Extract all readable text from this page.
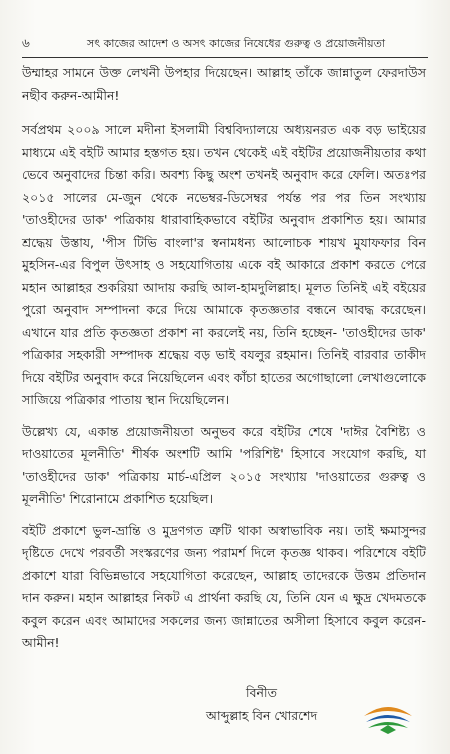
৬	সৎ কাজের আদেশ ও অসৎ কাজের নিষেধের গুরুত্ব ও প্রয়োজনীয়তা

উম্মাহর সামনে উক্ত লেখনী উপহার দিয়েছেন। আল্লাহ তাঁকে জান্নাতুল ফেরদাউস নছীব করুন-আমীন!

সর্বপ্রথম ২০০৯ সালে মদীনা ইসলামী বিশ্ববিদ্যালয়ে অধ্যয়নরত এক বড় ভাইয়ের মাধ্যমে এই বইটি আমার হস্তগত হয়। তখন থেকেই এই বইটির প্রয়োজনীয়তার কথা ভেবে অনুবাদের চিন্তা করি। অবশ্য কিছু অংশ তখনই অনুবাদ করে ফেলি। অতঃপর ২০১৫ সালের মে-জুন থেকে নভেম্বর-ডিসেম্বর পর্যন্ত পর পর তিন সংখ্যায় 'তাওহীদের ডাক' পত্রিকায় ধারাবাহিকভাবে বইটির অনুবাদ প্রকাশিত হয়। আমার শ্রদ্ধেয় উস্তায, 'পীস টিভি বাংলা'র স্বনামধন্য আলোচক শায়খ মুযাফফার বিন মুহসিন-এর বিপুল উৎসাহ ও সহযোগিতায় একে বই আকারে প্রকাশ করতে পেরে মহান আল্লাহর শুকরিয়া আদায় করছি আল-হামদুলিল্লাহ। মূলত তিনিই এই বইয়ের পুরো অনুবাদ সম্পাদনা করে দিয়ে আমাকে কৃতজ্ঞতার বন্ধনে আবদ্ধ করেছেন। এখানে যার প্রতি কৃতজ্ঞতা প্রকাশ না করলেই নয়, তিনি হচ্ছেন- 'তাওহীদের ডাক' পত্রিকার সহকারী সম্পাদক শ্রদ্ধেয় বড় ভাই বযলুর রহমান। তিনিই বারবার তাকীদ দিয়ে বইটির অনুবাদ করে নিয়েছিলেন এবং কাঁচা হাতের অগোছালো লেখাগুলোকে সাজিয়ে পত্রিকার পাতায় স্থান দিয়েছিলেন।

উল্লেখ্য যে, একান্ত প্রয়োজনীয়তা অনুভব করে বইটির শেষে 'দাঈর বৈশিষ্ট্য ও দাওয়াতের মূলনীতি' শীর্ষক অংশটি আমি 'পরিশিষ্ট' হিসাবে সংযোগ করছি, যা 'তাওহীদের ডাক' পত্রিকায় মার্চ-এপ্রিল ২০১৫ সংখ্যায় 'দাওয়াতের গুরুত্ব ও মূলনীতি' শিরোনামে প্রকাশিত হয়েছিল।

বইটি প্রকাশে ভুল-ভ্রান্তি ও মুদ্রণগত ত্রুটি থাকা অস্বাভাবিক নয়। তাই ক্ষমাসুন্দর দৃষ্টিতে দেখে পরবর্তী সংস্করণের জন্য পরামর্শ দিলে কৃতজ্ঞ থাকব। পরিশেষে বইটি প্রকাশে যারা বিভিন্নভাবে সহযোগিতা করেছেন, আল্লাহ তাদেরকে উত্তম প্রতিদান দান করুন। মহান আল্লাহর নিকট এ প্রার্থনা করছি যে, তিনি যেন এ ক্ষুদ্র খেদমতকে কবুল করেন এবং আমাদের সকলের জন্য জান্নাতের অসীলা হিসাবে কবুল করেন-আমীন!

বিনীত
আব্দুল্লাহ বিন খোরশেদ
